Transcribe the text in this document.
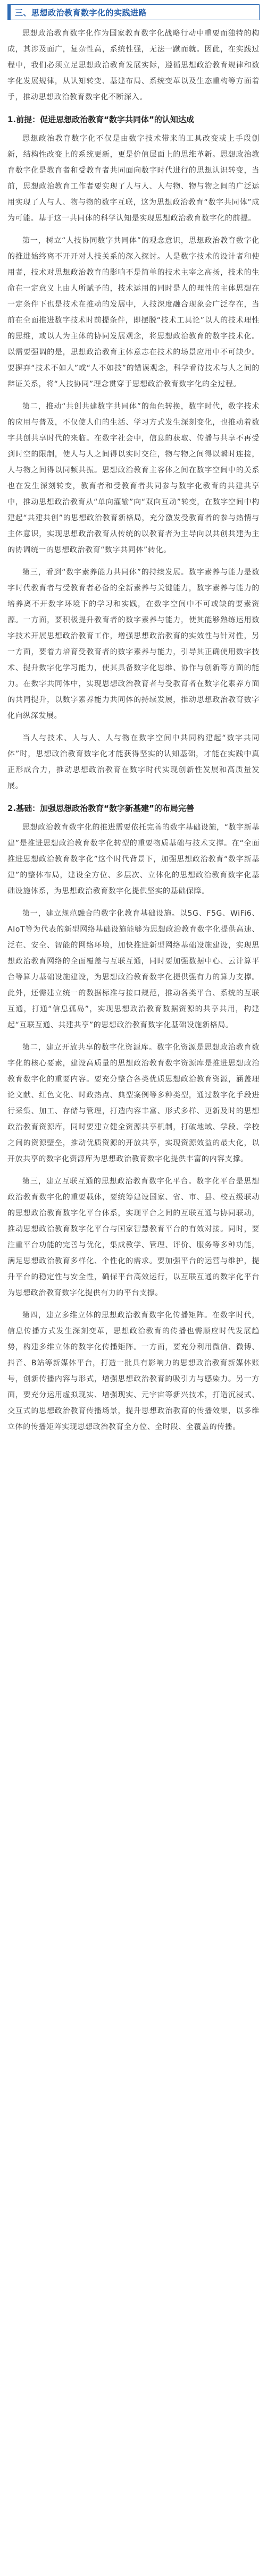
三、思想政治教育数字化的实践进路

思想政治教育数字化作为国家教育数字化战略行动中重要而独特的构成，其涉及面广，复杂性高，系统性强，无法一蹴而就。因此，在实践过程中，我们必须立足思想政治教育发展实际，遵循思想政治教育规律和数字化发展规律，从认知转变、基建布局、系统变革以及生态重构等方面着手，推动思想政治教育数字化不断深入。

1.前提：促进思想政治教育“数字共同体”的认知达成

思想政治教育数字化不仅是由数字技术带来的工具改变或上手段创新，结构性改变上的系统更新，更是价值层面上的思维革新。思想政治教育数字化是教育者和受教育者共同面向数字时代进行的思想认识转变，当前，思想政治教育工作者要实现了人与人、人与物、物与物之间的广泛运用实现了人与人、物与物的数字互联，这为思想政治教育“数字共同体”成为可能。基于这一共同体的科学认知是实现思想政治教育数字化的前提。

第一，树立“人技协同数字共同体”的观念意识，思想政治教育数字化的推进始终离不开开对人技关系的深入探讨。人是数字技术的设计者和使用者，技术对思想政治教育的影响不是简单的技术主宰之高扬，技术的生命在一定意义上由人所赋予的，技术运用的同时是人的理性的主体思想在一定条件下也是技术在推动的发展中，人技深度融合现象会广泛存在，当前在全面推进数字技术时前提条件，即摆脱“技术工具论”以人的技术理性的思维，或以人为主体的协同发展观念，将思想政治教育的数字技术化。以需要强调的是，思想政治教育主体意志在技术的场景应用中不可缺少。要摒弃“技术不如人”或“人不如技”的错误观念，科学看待技术与人之间的辩证关系，将“人技协同”理念贯穿于思想政治教育数字化的全过程。

第二，推动“共创共建数字共同体”的角色转换，数字时代，数字技术的应用与普及，不仅使人们的生活、学习方式发生深刻变化，也推动着数字共创共享时代的来临。在数字社会中，信息的获取、传播与共享不再受到时空的限制，使人与人之间得以实时交往，物与物之间得以瞬时连接，人与物之间得以同频共振。思想政治教育主客体之间在数字空间中的关系也在发生深刻转变，教育者和受教育者共同参与数字化教育的共建共享中，推动思想政治教育从“单向灌输”向“双向互动”转变，在数字空间中构建起“共建共创”的思想政治教育新格局，充分激发受教育者的参与热情与主体意识，实现思想政治教育从传统的以教育者为主导向以共创共建为主的协调统一的思想政治教育“数字共同体”转化。

第三，看到“数字素养能力共同体”的持续发展。数字素养与能力是数字时代教育者与受教育者必备的全新素养与关键能力，数字素养与能力的培养离不开数字环境下的学习和实践，在数字空间中不可或缺的要素资源。一方面，要积极提升教育者的数字素养与能力，使其能够熟练运用数字技术开展思想政治教育工作，增强思想政治教育的实效性与针对性，另一方面，要着力培育受教育者的数字素养与能力，引导其正确使用数字技术、提升数字化学习能力，使其具备数字化思维、协作与创新等方面的能力。在数字共同体中，实现思想政治教育者与受教育者在数字化素养方面的共同提升，以数字素养能力共同体的持续发展，推动思想政治教育数字化向纵深发展。

当人与技术、人与人、人与物在数字空间中共同构建起“数字共同体”时，思想政治教育数字化才能获得坚实的认知基础，才能在实践中真正形成合力，推动思想政治教育在数字时代实现创新性发展和高质量发展。

2.基础：加强思想政治教育“数字新基建”的布局完善

思想政治教育数字化的推进需要依托完善的数字基础设施，“数字新基建”是推进思想政治教育数字化转型的重要物质基础与技术支撑。在“全面推进思想政治教育数字化”这个时代背景下，加强思想政治教育“数字新基建”的整体布局，建设全方位、多层次、立体化的思想政治教育数字化基础设施体系，为思想政治教育数字化提供坚实的基础保障。

第一，建立规范融合的数字化教育基础设施。以5G、F5G、WiFi6、AIoT等为代表的新型网络基础设施能够为思想政治教育数字化提供高速、泛在、安全、智能的网络环境，加快推进新型网络基础设施建设，实现思想政治教育网络的全面覆盖与互联互通，同时要加强数据中心、云计算平台等算力基础设施建设，为思想政治教育数字化提供强有力的算力支撑。此外，还需建立统一的数据标准与接口规范，推动各类平台、系统的互联互通，打通“信息孤岛”，实现思想政治教育数据资源的共享共用，构建起“互联互通、共建共享”的思想政治教育数字化基础设施新格局。

第二，建立开放共享的数字化资源库。数字化资源是思想政治教育数字化的核心要素，建设高质量的思想政治教育数字资源库是推进思想政治教育数字化的重要内容。要充分整合各类优质思想政治教育资源，涵盖理论文献、红色文化、时政热点、典型案例等多种类型，通过数字化手段进行采集、加工、存储与管理，打造内容丰富、形式多样、更新及时的思想政治教育资源库，同时要建立健全资源共享机制，打破地域、学段、学校之间的资源壁垒，推动优质资源的开放共享，实现资源效益的最大化，以开放共享的数字化资源库为思想政治教育数字化提供丰富的内容支撑。

第三，建立互联互通的思想政治教育数字化平台。数字化平台是思想政治教育数字化的重要载体，要统筹建设国家、省、市、县、校五级联动的思想政治教育数字化平台体系，实现平台之间的互联互通与协同联动，推动思想政治教育数字化平台与国家智慧教育平台的有效对接。同时，要注重平台功能的完善与优化，集成教学、管理、评价、服务等多种功能，满足思想政治教育多样化、个性化的需求。要加强平台的运营与维护，提升平台的稳定性与安全性，确保平台高效运行，以互联互通的数字化平台为思想政治教育数字化提供有力的平台支撑。

第四，建立多维立体的思想政治教育数字化传播矩阵。在数字时代，信息传播方式发生深刻变革，思想政治教育的传播也需顺应时代发展趋势，构建多维立体的数字化传播矩阵。一方面，要充分利用微信、微博、抖音、B站等新媒体平台，打造一批具有影响力的思想政治教育新媒体账号，创新传播内容与形式，增强思想政治教育的吸引力与感染力。另一方面，要充分运用虚拟现实、增强现实、元宇宙等新兴技术，打造沉浸式、交互式的思想政治教育传播场景，提升思想政治教育的传播效果，以多维立体的传播矩阵实现思想政治教育全方位、全时段、全覆盖的传播。
